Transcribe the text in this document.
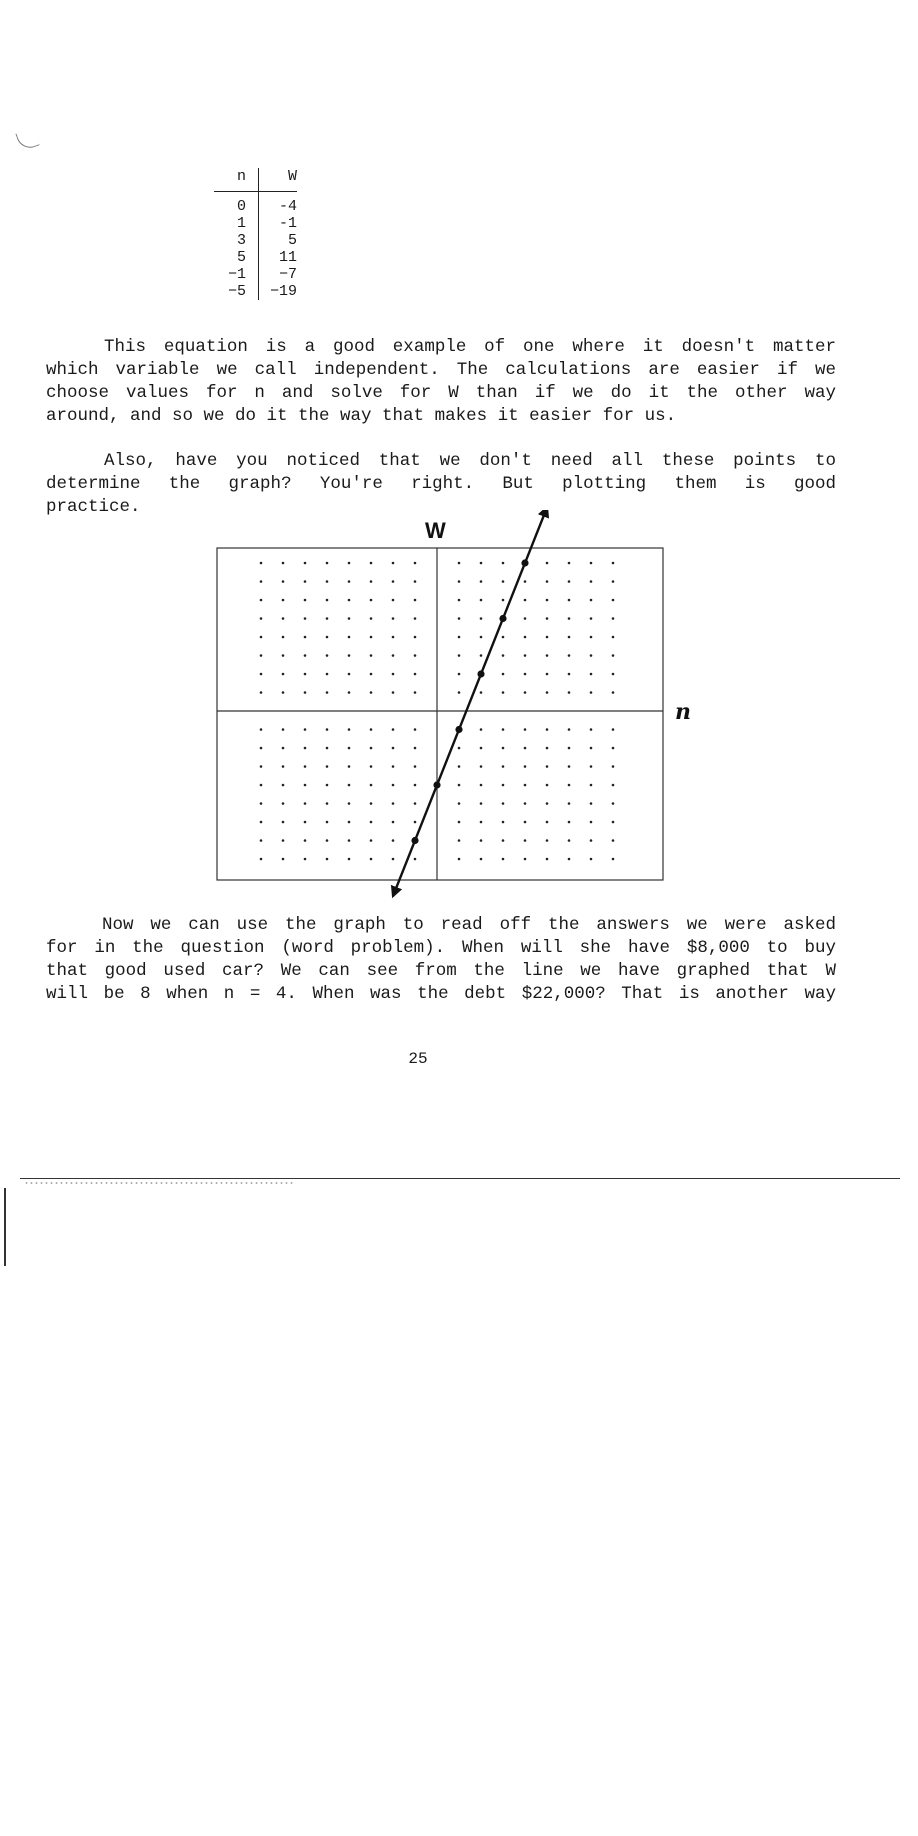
n	W
0	-4
1	-1
3	5
5	11
−1	−7
−5	−19

This equation is a good example of one where it doesn't matter
which variable we call independent. The calculations are easier if we
choose values for n and solve for W than if we do it the other way
around, and so we do it the way that makes it easier for us.

Also, have you noticed that we don't need all these points to
determine the graph? You're right. But plotting them is good
practice.

W
n

Now we can use the graph to read off the answers we were asked
for in the question (word problem). When will she have $8,000 to buy
that good used car? We can see from the line we have graphed that W
will be 8 when n = 4. When was the debt $22,000? That is another way

25
